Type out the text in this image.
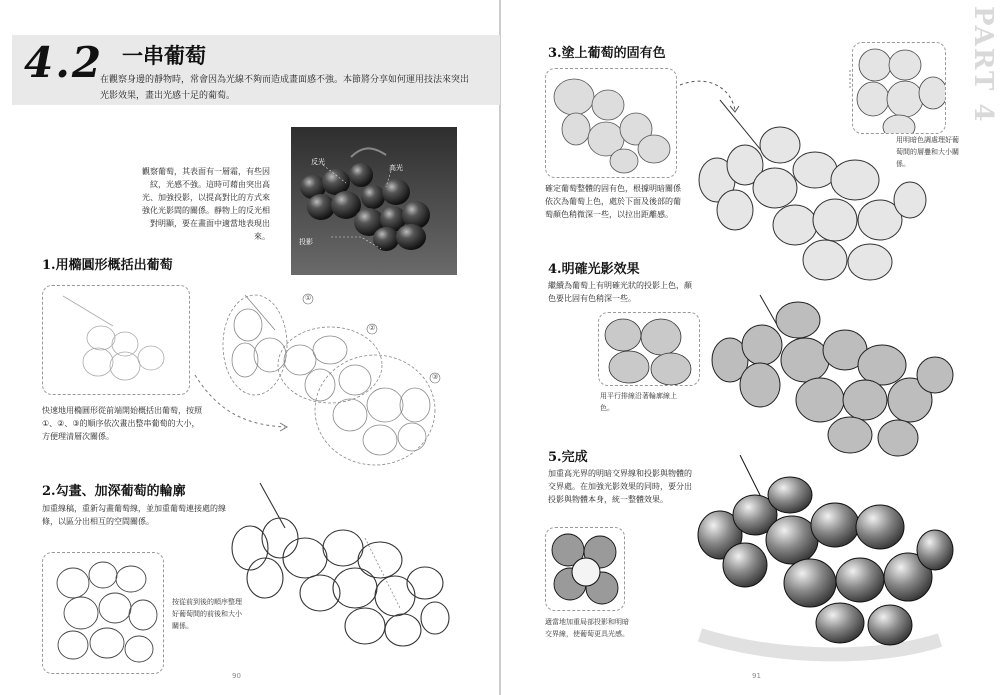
4.2 一串葡萄
在觀察身邊的靜物時，常會因為光線不夠而造成畫面感不強。本節將分享如何運用技法來突出光影效果，畫出光感十足的葡萄。
觀察葡萄，其表面有一層霜，有些因紋，光感不強。這時可藉由突出高光、加強投影，以提高對比的方式來強化光影間的關係。靜物上的反光相對明顯，要在畫面中適當地表現出來。
反光
高光
投影
1.用橢圓形概括出葡萄
快速地用橢圓形從前端開始概括出葡萄，按照①、②、③的順序依次畫出整串葡萄的大小，方便理清層次關係。
①
②
③
2.勾畫、加深葡萄的輪廓
加重線稿，重新勾畫葡萄線，並加重葡萄連接處的線條，以區分出相互的空間關係。
按從前到後的順序整理好葡萄間的前後和大小關係。
90
PART 4
3.塗上葡萄的固有色
確定葡萄整體的固有色，根據明暗關係依次為葡萄上色，處於下面及後部的葡萄顏色稍微深一些，以拉出距離感。
用明暗色調處理好葡萄間的層疊和大小關係。
4.明確光影效果
繼續為葡萄上有明確光狀的投影上色，顏色要比固有色稍深一些。
用平行排線沿著輪廓線上色。
5.完成
加重高光界的明暗交界線和投影與物體的交界處。在加強光影效果的同時，要分出投影與物體本身，統一整體效果。
適當地加重局部投影和明暗交界線，使葡萄更具光感。
91
